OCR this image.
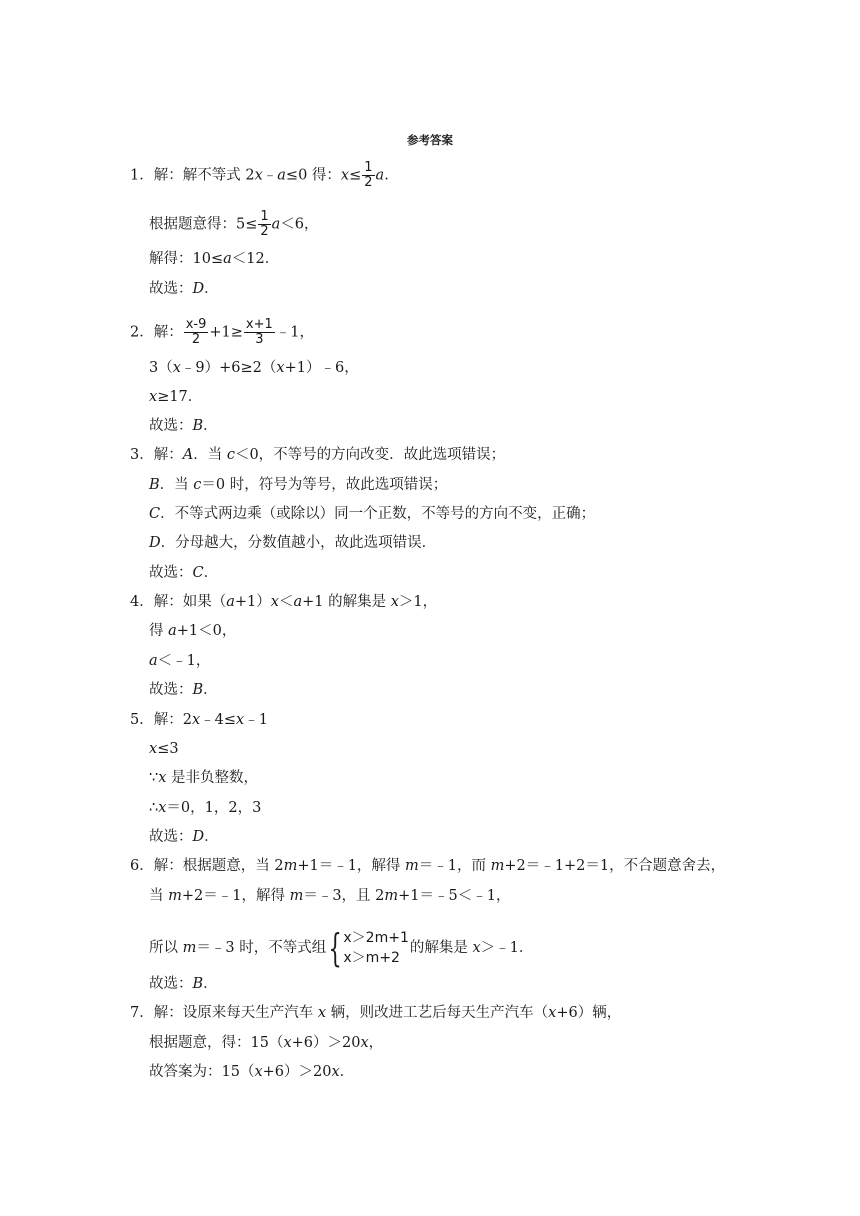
参考答案
1．解：解不等式 2x﹣a≤0 得：$x\le \frac{1}{2} a$.
根据题意得：$5\le \frac{1}{2} a<6$，
解得：10≤a＜12．
故选：D．
2．解： $\frac{x-9}{2} +1\ge \frac{x+1}{3}$ ﹣1，
3（x﹣9）+6≥2（x+1）﹣6，
x≥17．
故选：B．
3．解：A．当 c＜0，不等号的方向改变．故此选项错误；
B．当 c＝0 时，符号为等号，故此选项错误；
C．不等式两边乘（或除以）同一个正数，不等号的方向不变，正确；
D．分母越大，分数值越小，故此选项错误．
故选：C．
4．解：如果（a+1）x＜a+1 的解集是 x＞1，
得 a+1＜0，
a＜﹣1，
故选：B．
5．解：2x﹣4≤x﹣1
x≤3
∵x 是非负整数，
∴x＝0，1，2，3
故选：D．
6．解：根据题意，当 2m+1＝﹣1，解得 m＝﹣1，而 m+2＝﹣1+2＝1，不合题意舍去，
当 m+2＝﹣1，解得 m＝﹣3，且 2m+1＝﹣5＜﹣1，
所以 m＝﹣3 时，不等式组 { x＞2m+1
x＞m+2
的解集是 x＞﹣1．
故选：B．
7．解：设原来每天生产汽车 x 辆，则改进工艺后每天生产汽车（x+6）辆，
根据题意，得：15（x+6）＞20x，
故答案为：15（x+6）＞20x．
